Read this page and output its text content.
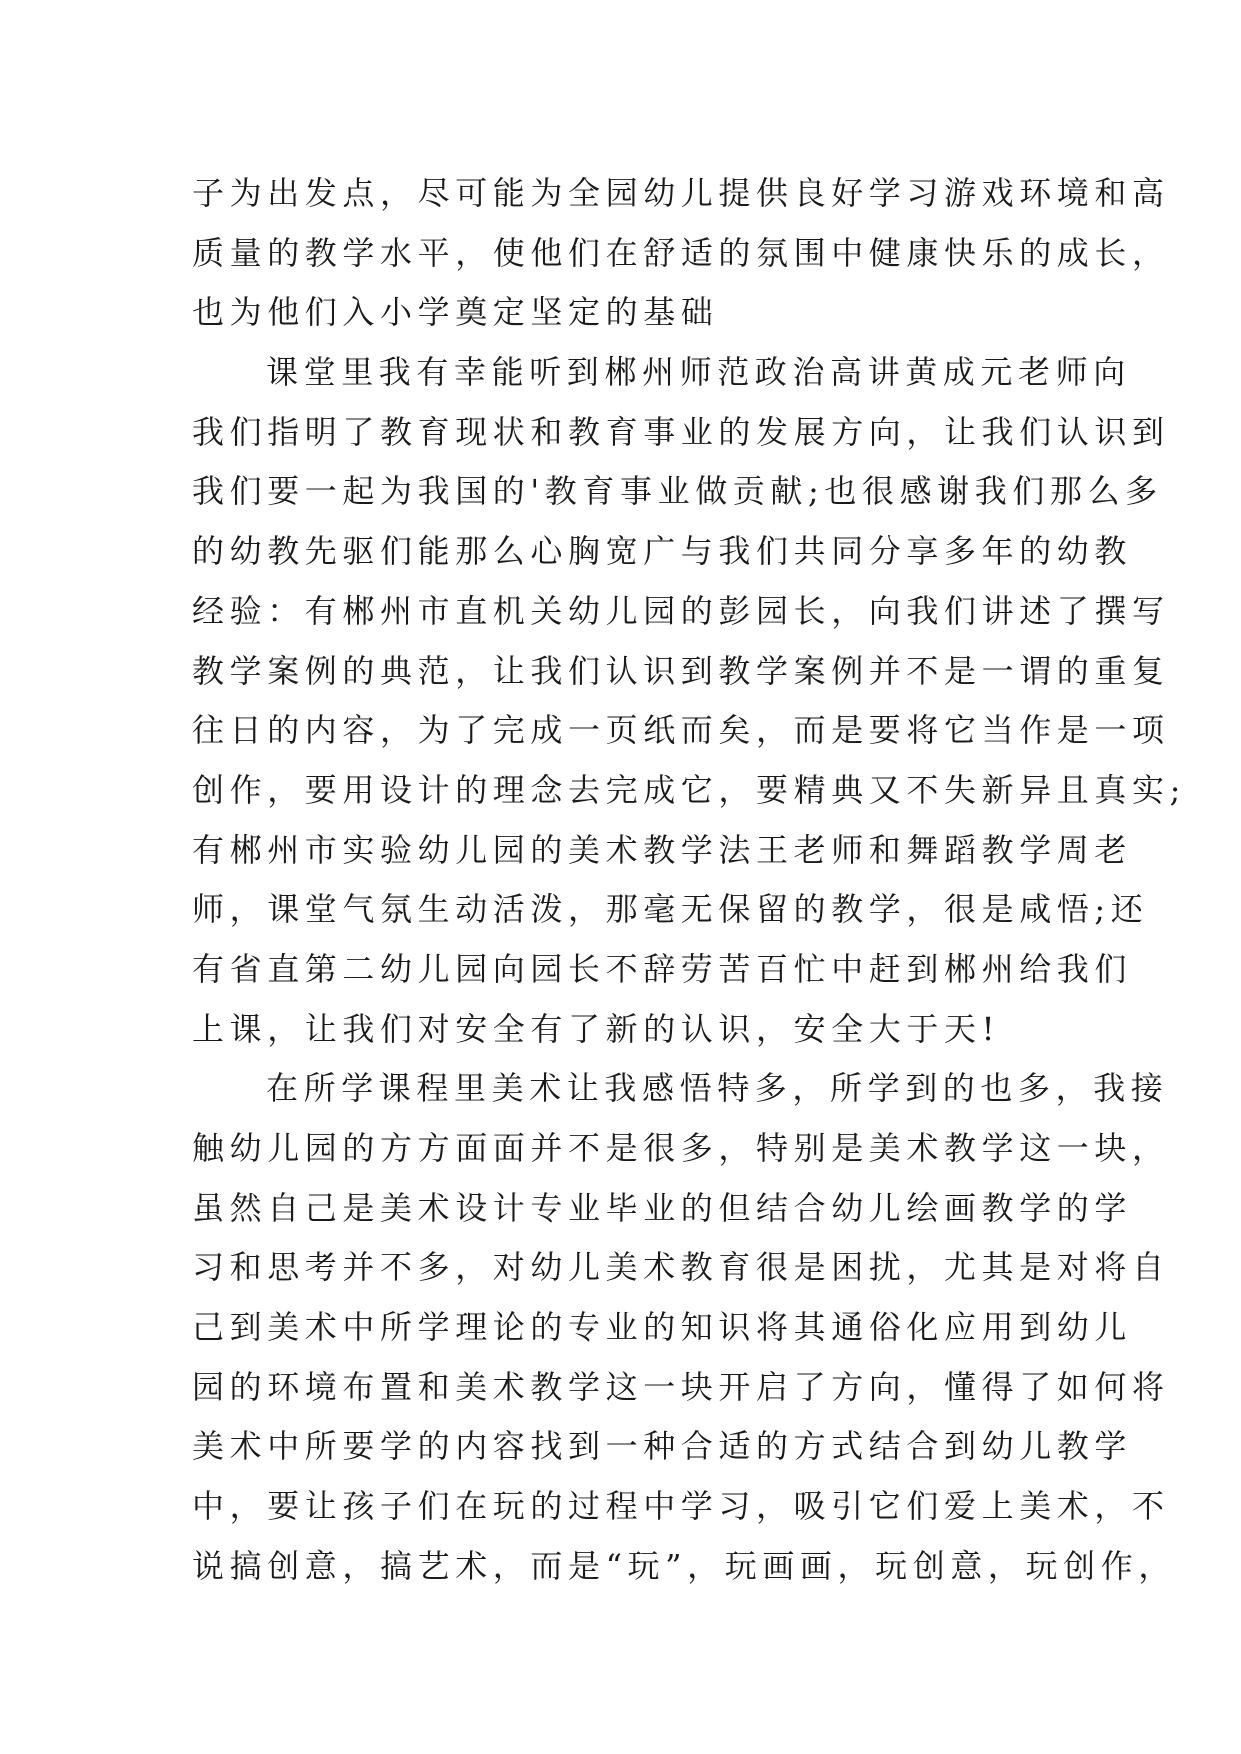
子为出发点，尽可能为全园幼儿提供良好学习游戏环境和高
质量的教学水平，使他们在舒适的氛围中健康快乐的成长，
也为他们入小学奠定坚定的基础
课堂里我有幸能听到郴州师范政治高讲黄成元老师向
我们指明了教育现状和教育事业的发展方向，让我们认识到
我们要一起为我国的'教育事业做贡献;也很感谢我们那么多
的幼教先驱们能那么心胸宽广与我们共同分享多年的幼教
经验：有郴州市直机关幼儿园的彭园长，向我们讲述了撰写
教学案例的典范，让我们认识到教学案例并不是一谓的重复
往日的内容，为了完成一页纸而矣，而是要将它当作是一项
创作，要用设计的理念去完成它，要精典又不失新异且真实;
有郴州市实验幼儿园的美术教学法王老师和舞蹈教学周老
师，课堂气氛生动活泼，那毫无保留的教学，很是咸悟;还
有省直第二幼儿园向园长不辞劳苦百忙中赶到郴州给我们
上课，让我们对安全有了新的认识，安全大于天!
在所学课程里美术让我感悟特多，所学到的也多，我接
触幼儿园的方方面面并不是很多，特别是美术教学这一块，
虽然自己是美术设计专业毕业的但结合幼儿绘画教学的学
习和思考并不多，对幼儿美术教育很是困扰，尤其是对将自
己到美术中所学理论的专业的知识将其通俗化应用到幼儿
园的环境布置和美术教学这一块开启了方向，懂得了如何将
美术中所要学的内容找到一种合适的方式结合到幼儿教学
中，要让孩子们在玩的过程中学习，吸引它们爱上美术，不
说搞创意，搞艺术，而是“玩”，玩画画，玩创意，玩创作，
